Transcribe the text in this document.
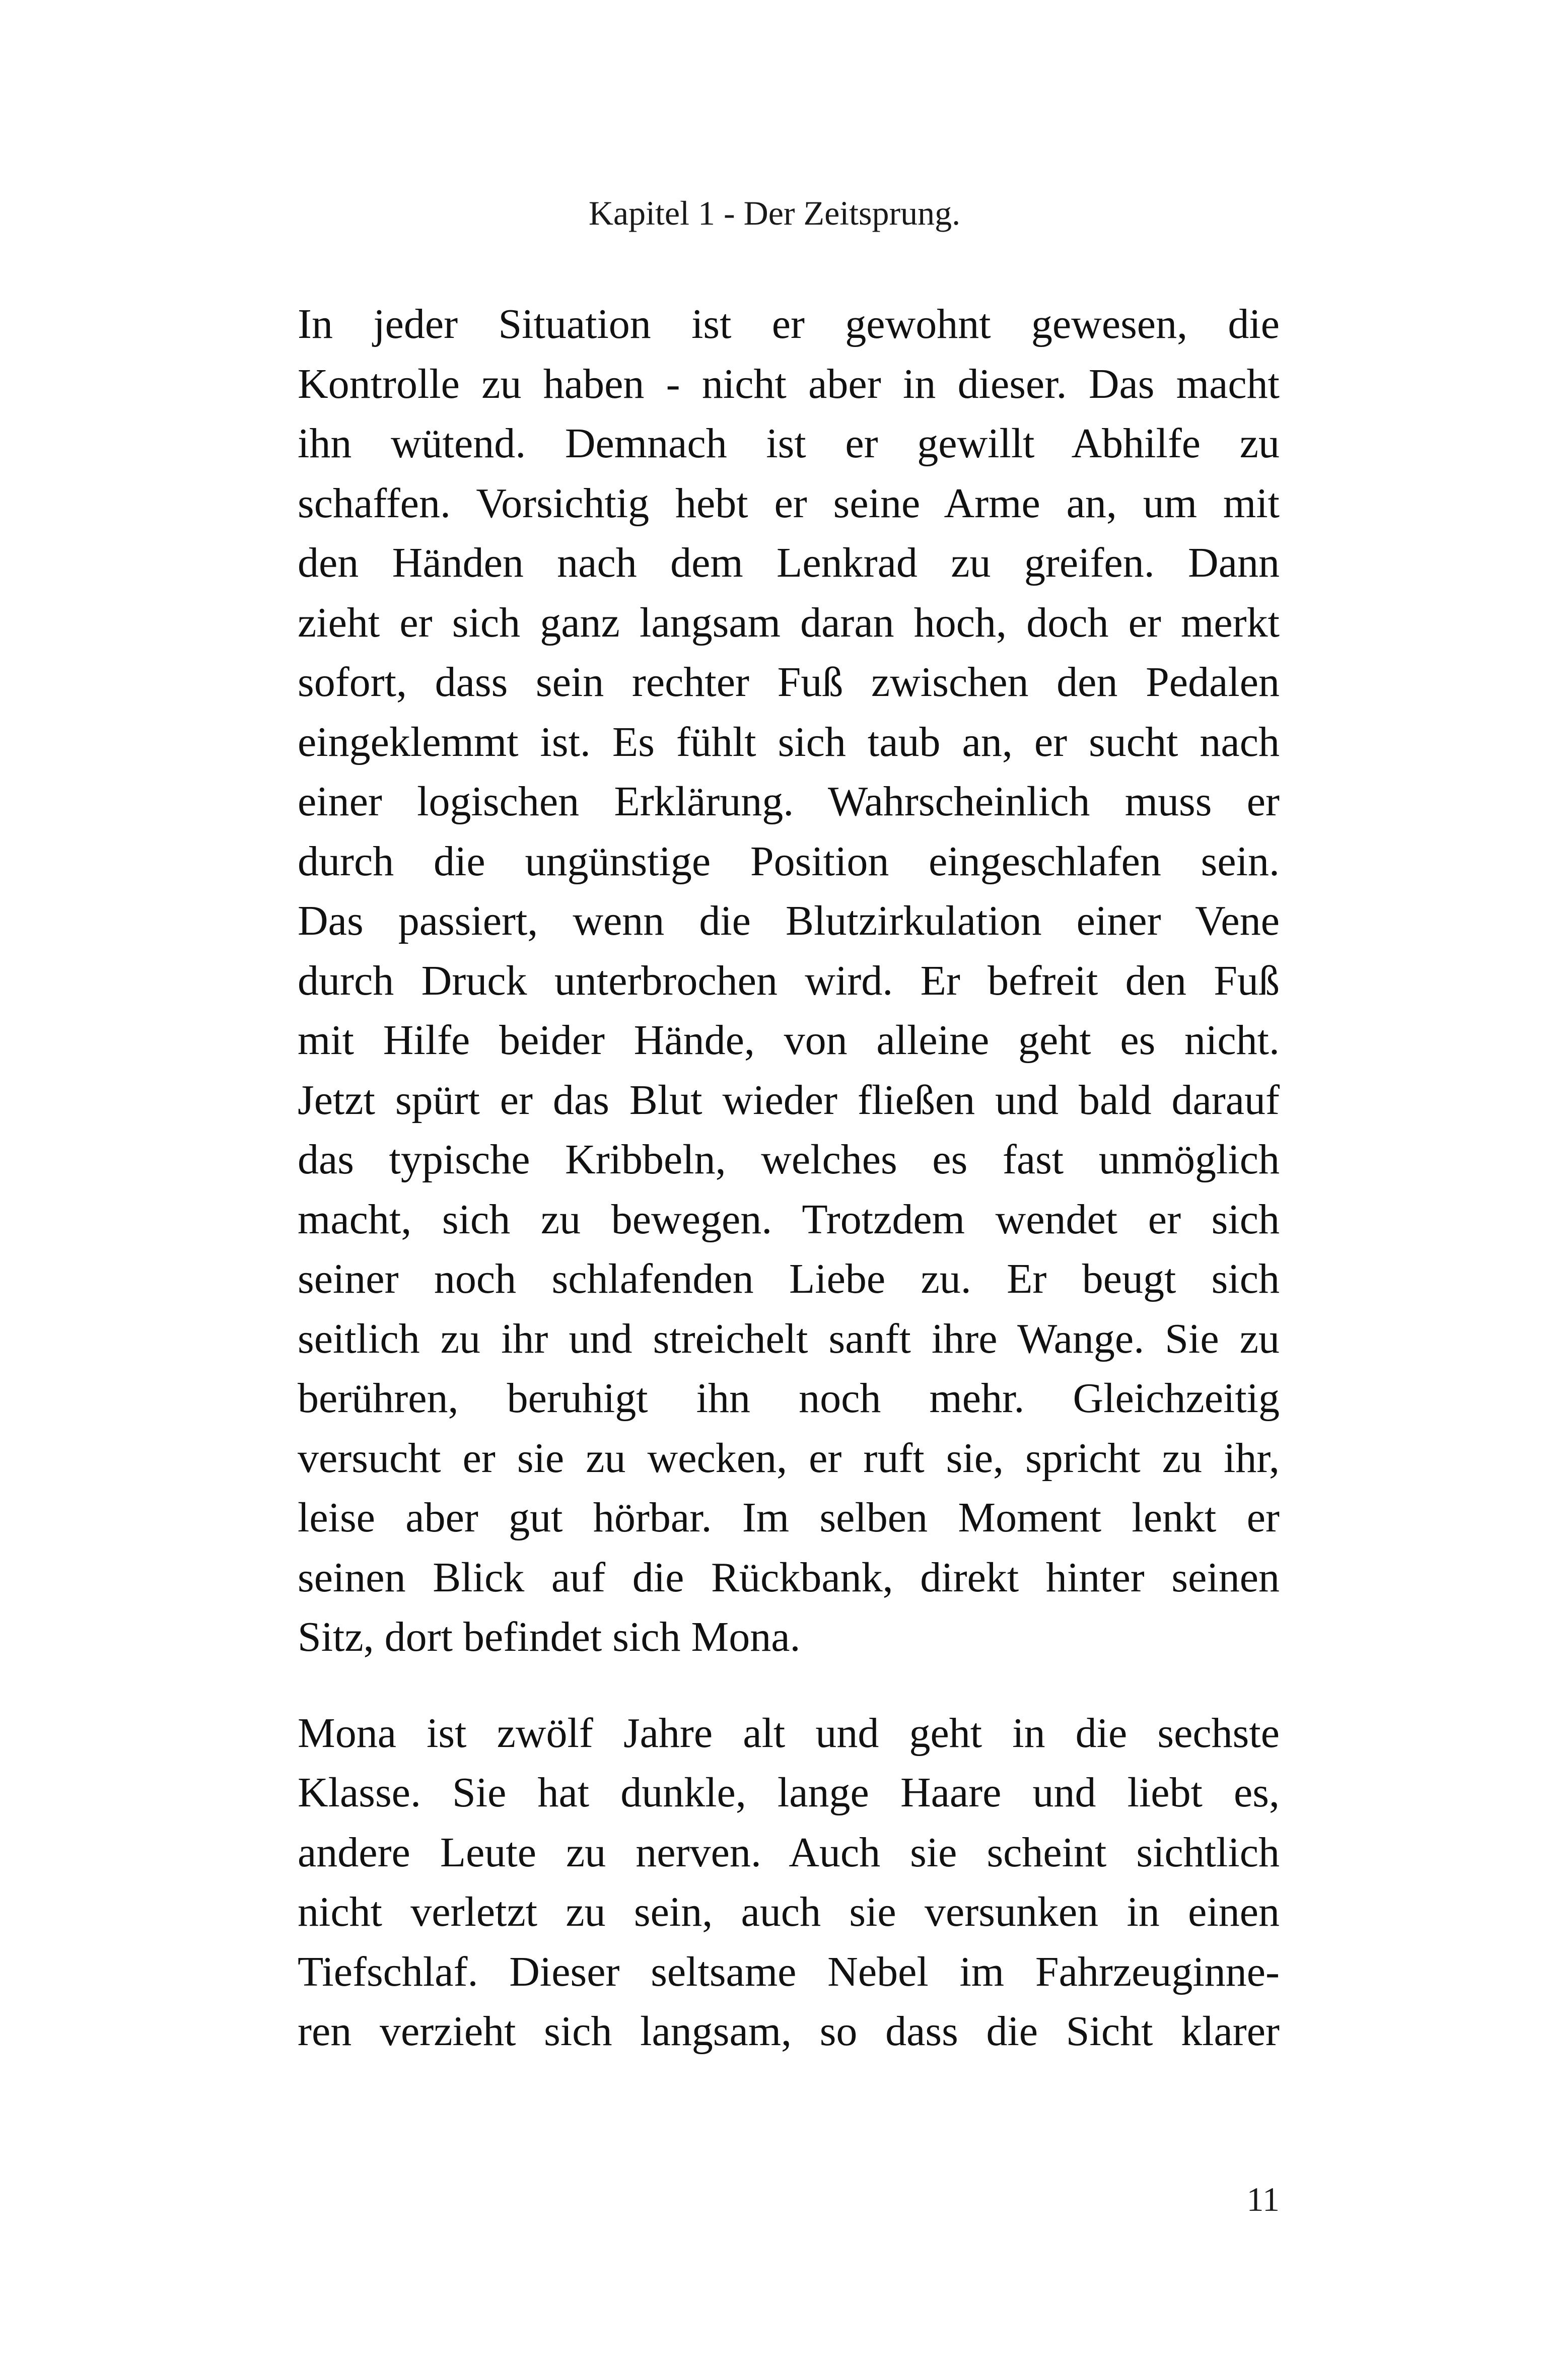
Kapitel 1 - Der Zeitsprung.

In jeder Situation ist er gewohnt gewesen, die
Kontrolle zu haben - nicht aber in dieser. Das macht
ihn wütend. Demnach ist er gewillt Abhilfe zu
schaffen. Vorsichtig hebt er seine Arme an, um mit
den Händen nach dem Lenkrad zu greifen. Dann
zieht er sich ganz langsam daran hoch, doch er merkt
sofort, dass sein rechter Fuß zwischen den Pedalen
eingeklemmt ist. Es fühlt sich taub an, er sucht nach
einer logischen Erklärung. Wahrscheinlich muss er
durch die ungünstige Position eingeschlafen sein.
Das passiert, wenn die Blutzirkulation einer Vene
durch Druck unterbrochen wird. Er befreit den Fuß
mit Hilfe beider Hände, von alleine geht es nicht.
Jetzt spürt er das Blut wieder fließen und bald darauf
das typische Kribbeln, welches es fast unmöglich
macht, sich zu bewegen. Trotzdem wendet er sich
seiner noch schlafenden Liebe zu. Er beugt sich
seitlich zu ihr und streichelt sanft ihre Wange. Sie zu
berühren, beruhigt ihn noch mehr. Gleichzeitig
versucht er sie zu wecken, er ruft sie, spricht zu ihr,
leise aber gut hörbar. Im selben Moment lenkt er
seinen Blick auf die Rückbank, direkt hinter seinen
Sitz, dort befindet sich Mona.

Mona ist zwölf Jahre alt und geht in die sechste
Klasse. Sie hat dunkle, lange Haare und liebt es,
andere Leute zu nerven. Auch sie scheint sichtlich
nicht verletzt zu sein, auch sie versunken in einen
Tiefschlaf. Dieser seltsame Nebel im Fahrzeuginne-
ren verzieht sich langsam, so dass die Sicht klarer

11
